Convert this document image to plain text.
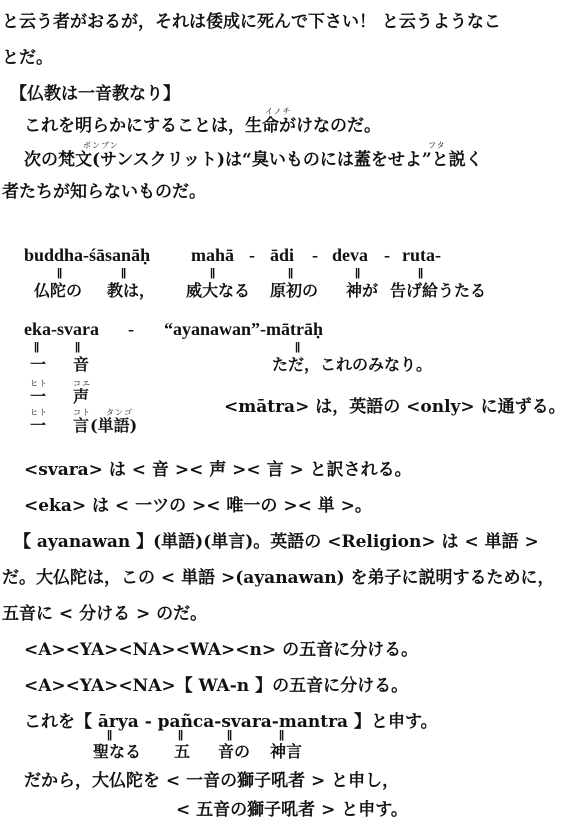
と云う者がおるが，それは倭成に死んで下さい！ と云うようなこ
とだ。
【仏教は一音教なり】
イノチ
これを明らかにすることは，生命がけなのだ。
ボンブン	フタ
次の梵文(サンスクリット)は“臭いものには蓋をせよ”と説く
者たちが知らないものだ。
buddha-śāsanāḥ mahā - ādi - deva - ruta-
||	||	||	||	||	||
仏陀の 教は， 威大なる 原初の 神が 告げ給うたる
eka-svara - “ayanawan”-mātrāḥ
||	||	||
一 音	ただ，これのみなり。
ヒト	コエ
一 声
<mātra> は，英語の <only> に通ずる。
ヒト	コト タンゴ
一 言 (単語)
<svara> は < 音 >< 声 >< 言 > と訳される。
<eka> は < 一ツの >< 唯一の >< 単 >。
【 ayanawan 】(単語)(単言)。英語の <Religion> は < 単語 >
だ。大仏陀は，この < 単語 >(ayanawan) を弟子に説明するために，
五音に < 分ける > のだ。
<A><YA><NA><WA><n> の五音に分ける。
<A><YA><NA>【 WA-n 】の五音に分ける。
これを【 ārya - pañca-svara-mantra 】と申す。
||	||	||	||
聖なる 五 音の 神言
だから，大仏陀を < 一音の獅子吼者 > と申し，
< 五音の獅子吼者 > と申す。
